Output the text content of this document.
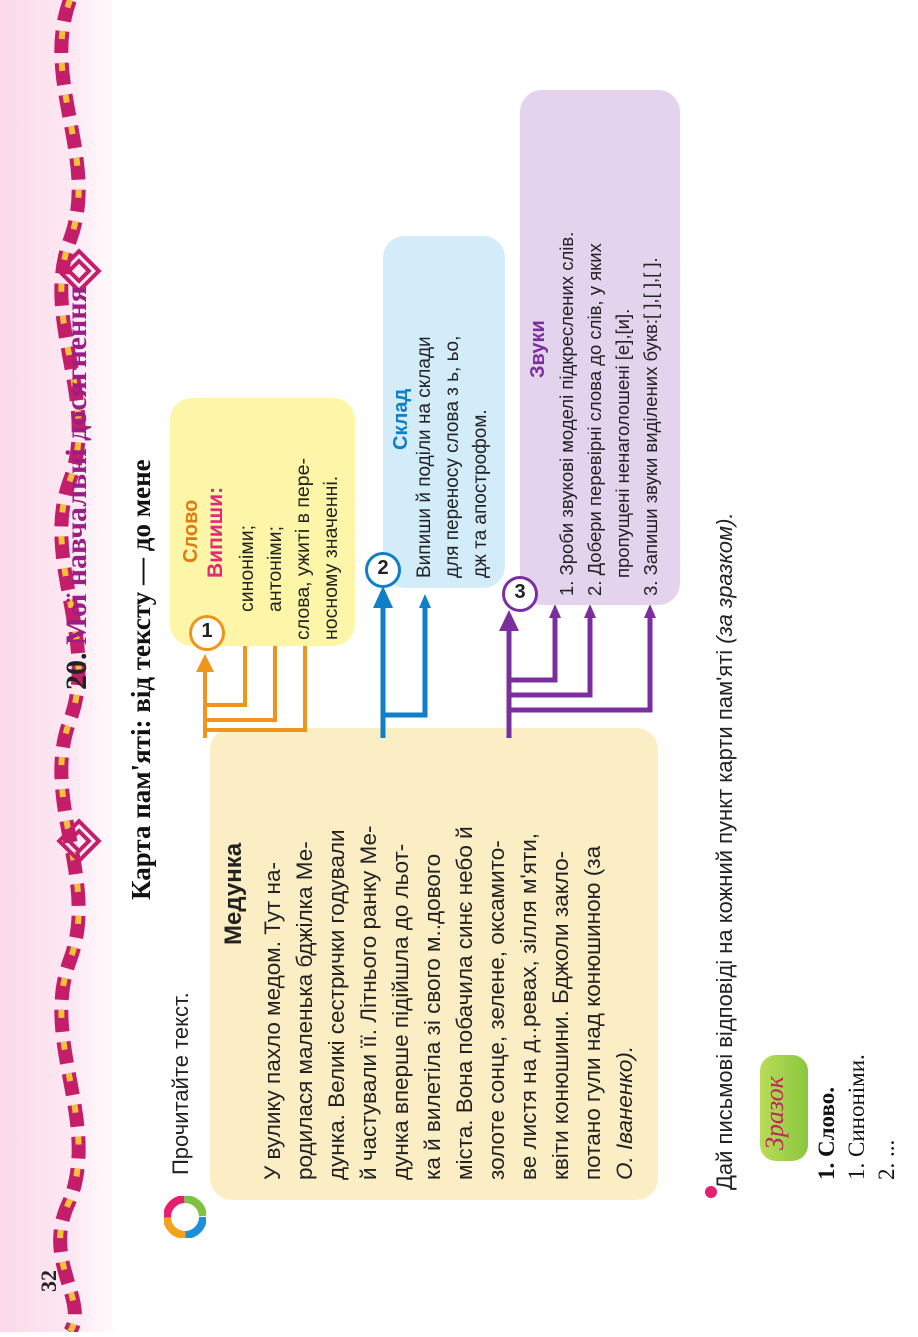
32
20. Мої навчальні досягнення Карта пам'яті: від тексту — до мене
Прочитайте текст.
Медунка У вулику пахло медом. Тут на- родилася маленька бджілка Ме- дунка. Великі сестрички годували й частували її. Літнього ранку Ме- дунка вперше підійшла до льот- ка й вилетіла зі свого м..дового міста. Вона побачила синє небо й золоте сонце, зелене, оксамито- ве листя на д..ревах, зілля м'яти, квіти конюшини. Бджоли закло- потано гули над конюшиною (за О. Іваненко).
1
Слово Випиши: синоніми; антоніми; слова, ужиті в пере- носному значенні.	2
Склад Випиши й поділи на склади для переносу слова з ь, ьо, дж та апострофом.
3
Звуки 1. Зроби звукові моделі підкреслених слів. 2. Добери перевірні слова до слів, у яких пропущені ненаголошені [е],[и]. 3. Запиши звуки виділених букв:[ ],[ ],[ ].
Дай письмові відповіді на кожний пункт карти пам'яті (за зразком).
Зразок 1. Слово. 1. Синоніми. 2. ...
